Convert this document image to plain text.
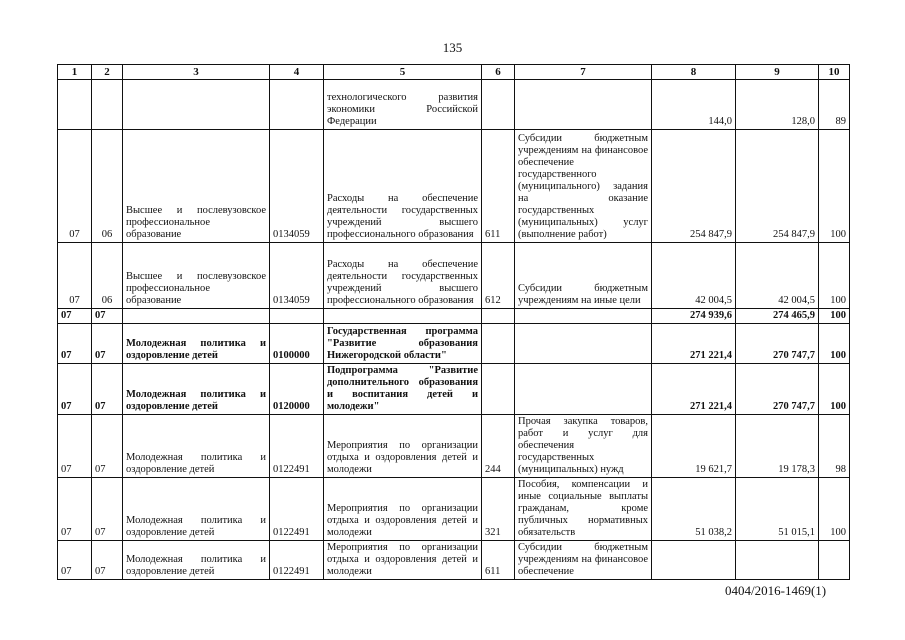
135
1	2	3	4	5	6	7	8	9	10
				технологического развития экономики Российской Федерации			144,0	128,0	89
07	06	Высшее и послевузовское профессиональное образование	0134059	Расходы на обеспечение деятельности государственных учреждений высшего профессионального образования	611	Субсидии бюджетным учреждениям на финансовое обеспечение государственного (муниципального) задания на оказание государственных (муниципальных) услуг (выполнение работ)	254 847,9	254 847,9	100
07	06	Высшее и послевузовское профессиональное образование	0134059	Расходы на обеспечение деятельности государственных учреждений высшего профессионального образования	612	Субсидии бюджетным учреждениям на иные цели	42 004,5	42 004,5	100
07	07						274 939,6	274 465,9	100
07	07	Молодежная политика и оздоровление детей	0100000	Государственная программа "Развитие образования Нижегородской области"			271 221,4	270 747,7	100
07	07	Молодежная политика и оздоровление детей	0120000	Подпрограмма "Развитие дополнительного образования и воспитания детей и молодежи"			271 221,4	270 747,7	100
07	07	Молодежная политика и оздоровление детей	0122491	Мероприятия по организации отдыха и оздоровления детей и молодежи	244	Прочая закупка товаров, работ и услуг для обеспечения государственных (муниципальных) нужд	19 621,7	19 178,3	98
07	07	Молодежная политика и оздоровление детей	0122491	Мероприятия по организации отдыха и оздоровления детей и молодежи	321	Пособия, компенсации и иные социальные выплаты гражданам, кроме публичных нормативных обязательств	51 038,2	51 015,1	100
07	07	Молодежная политика и оздоровление детей	0122491	Мероприятия по организации отдыха и оздоровления детей и молодежи	611	Субсидии бюджетным учреждениям на финансовое обеспечение			
0404/2016-1469(1)
